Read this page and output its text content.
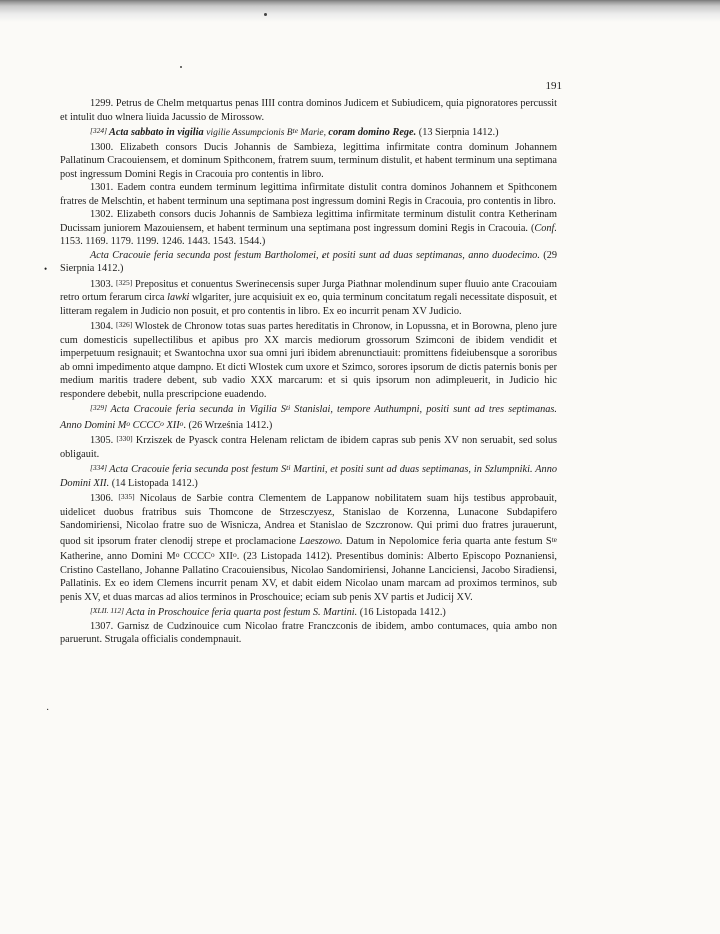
•
·
191

1299. Petrus de Chelm metquartus penas IIII contra dominos Judicem et Subiudicem, quia pignoratores percussit et intulit duo wlnera liuida Jacussio de Mirossow.

[324] Acta sabbato in vigilia vigilie Assumpcionis Bte Marie, coram domino Rege. (13 Sierpnia 1412.)

1300. Elizabeth consors Ducis Johannis de Sambieza, legittima infirmitate contra dominum Johannem Pallatinum Cracouiensem, et dominum Spithconem, fratrem suum, terminum distulit, et habent terminum una septimana post ingressum Domini Regis in Cracouia pro contentis in libro.

1301. Eadem contra eundem terminum legittima infirmitate distulit contra dominos Johannem et Spithconem fratres de Melschtin, et habent terminum una septimana post ingressum domini Regis in Cracouia, pro contentis in libro.

1302. Elizabeth consors ducis Johannis de Sambieza legittima infirmitate terminum distulit contra Ketherinam Ducissam juniorem Mazouiensem, et habent terminum una septimana post ingressum domini Regis in Cracouia. (Conf. 1153. 1169. 1179. 1199. 1246. 1443. 1543. 1544.)

Acta Cracouie feria secunda post festum Bartholomei, et positi sunt ad duas septimanas, anno duodecimo. (29 Sierpnia 1412.)

1303. [325] Prepositus et conuentus Swerinecensis super Jurga Piathnar molendinum super fluuio ante Cracouiam retro ortum ferarum circa lawki wlgariter, jure acquisiuit ex eo, quia terminum concitatum regali necessitate disposuit, et litteram regalem in Judicio non posuit, et pro contentis in libro. Ex eo incurrit penam XV Judicio.

1304. [326] Wlostek de Chronow totas suas partes hereditatis in Chronow, in Lopussna, et in Borowna, pleno jure cum domesticis supellectilibus et apibus pro XX marcis mediorum grossorum Szimconi de ibidem vendidit et imperpetuum resignauit; et Swantochna uxor sua omni juri ibidem abrenunctiauit: promittens fideiubensque a sororibus ab omni impedimento atque dampno. Et dicti Wlostek cum uxore et Szimco, sorores ipsorum de dictis paternis bonis per medium maritis tradere debent, sub vadio XXX marcarum: et si quis ipsorum non adimpleuerit, in Judicio hic respondere debebit, nulla prescripcione euadendo.

[329] Acta Cracouie feria secunda in Vigilia Sti Stanislai, tempore Authumpni, positi sunt ad tres septimanas. Anno Domini Mo CCCCo XIIo. (26 Września 1412.)

1305. [330] Krziszek de Pyasck contra Helenam relictam de ibidem capras sub penis XV non seruabit, sed solus obligauit.

[334] Acta Cracouie feria secunda post festum Sti Martini, et positi sunt ad duas septimanas, in Szlumpniki. Anno Domini XII. (14 Listopada 1412.)

1306. [335] Nicolaus de Sarbie contra Clementem de Lappanow nobilitatem suam hijs testibus approbauit, uidelicet duobus fratribus suis Thomcone de Strzesczyesz, Stanislao de Korzenna, Lunacone Subdapifero Sandomiriensi, Nicolao fratre suo de Wisnicza, Andrea et Stanislao de Szczronow. Qui primi duo fratres jurauerunt, quod sit ipsorum frater clenodij strepe et proclamacione Laeszowo. Datum in Nepolomice feria quarta ante festum Ste Katherine, anno Domini Mo CCCCo XIIo. (23 Listopada 1412). Presentibus dominis: Alberto Episcopo Poznaniensi, Cristino Castellano, Johanne Pallatino Cracouiensibus, Nicolao Sandomiriensi, Johanne Lanciciensi, Jacobo Siradiensi, Pallatinis. Ex eo idem Clemens incurrit penam XV, et dabit eidem Nicolao unam marcam ad proximos terminos, sub penis XV, et duas marcas ad alios terminos in Proschouice; eciam sub penis XV partis et Judicij XV.

[XLII. 112] Acta in Proschouice feria quarta post festum S. Martini. (16 Listopada 1412.)

1307. Garnisz de Cudzinouice cum Nicolao fratre Franczconis de ibidem, ambo contumaces, quia ambo non paruerunt. Strugala officialis condempnauit.
